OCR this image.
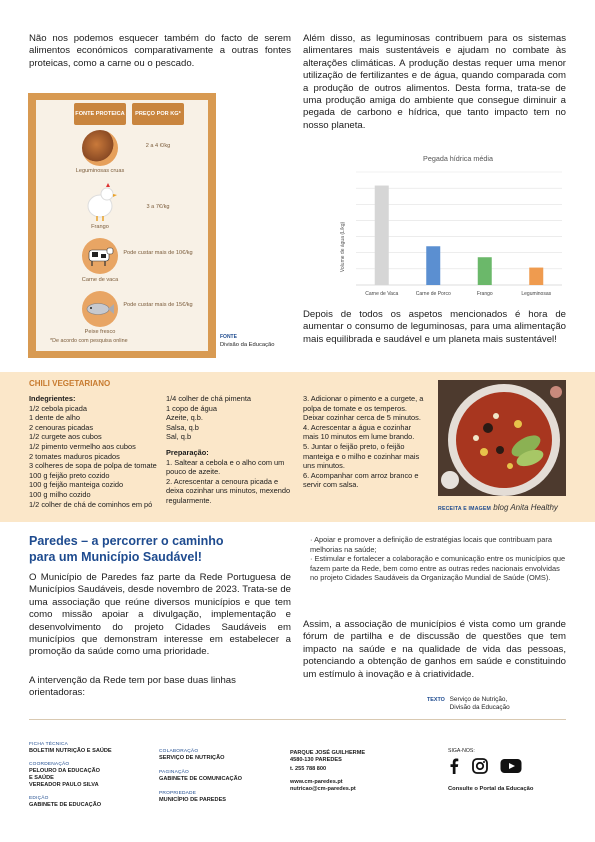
Não nos podemos esquecer também do facto de serem alimentos económicos comparativamente a outras fontes proteicas, como a carne ou o pescado.

Além disso, as leguminosas contribuem para os sistemas alimentares mais sustentáveis e ajudam no combate às alterações climáticas. A produção destas requer uma menor utilização de fertilizantes e de água, quando comparada com a produção de outros alimentos. Desta forma, trata-se de uma produção amiga do ambiente que consegue diminuir a pegada de carbono e hídrica, que tanto impacto tem no nosso planeta.

FONTE PROTEICA	PREÇO POR KG*
Leguminosas cruas
2 a 4 €/kg
Frango
3 a 7€/kg
Carne de vaca
Pode custar mais de 10€/kg
Peixe fresco
Pode custar mais de 15€/kg
*De acordo com pesquisa online
FONTE
Divisão da Educação
Pegada hídrica média
Volume de água (L/kg)
Carne de Vaca	Carne de Porco	Frango	Leguminosas

Depois de todos os aspetos mencionados é hora de aumentar o consumo de leguminosas, para uma alimentação mais equilibrada e saudável e um planeta mais sustentável!

CHILI VEGETARIANO
Indegrientes:
1/2 cebola picada
1 dente de alho
2 cenouras picadas
1/2 curgete aos cubos
1/2 pimento vermelho aos cubos
2 tomates maduros picados
3 colheres de sopa de polpa de tomate
100 g feijão preto cozido
100 g feijão manteiga cozido
100 g milho cozido
1/2 colher de chá de cominhos em pó
1/4 colher de chá pimenta
1 copo de água
Azeite, q.b.
Salsa, q.b
Sal, q.b
Preparação:
1. Saltear a cebola e o alho com um pouco de azeite.
2. Acrescentar a cenoura picada e deixa cozinhar uns minutos, mexendo regularmente.
3. Adicionar o pimento e a curgete, a polpa de tomate e os temperos. Deixar cozinhar cerca de 5 minutos.
4. Acrescentar a água e cozinhar mais 10 minutos em lume brando.
5. Juntar o feijão preto, o feijão manteiga e o milho e cozinhar mais uns minutos.
6. Acompanhar com arroz branco e servir com salsa.
RECEITA E IMAGEM blog Anita Healthy
Paredes – a percorrer o caminho
para um Município Saudável!

O Município de Paredes faz parte da Rede Portuguesa de Municípios Saudáveis, desde novembro de 2023. Trata-se de uma associação que reúne diversos municípios e que tem como missão apoiar a divulgação, implementação e desenvolvimento do projeto Cidades Saudáveis em municípios que demonstram interesse em estabelecer a promoção da saúde como uma prioridade.

A intervenção da Rede tem por base duas linhas orientadoras:

· Apoiar e promover a definição de estratégias locais que contribuam para melhorias na saúde;

· Estimular e fortalecer a colaboração e comunicação entre os municípios que fazem parte da Rede, bem como entre as outras redes nacionais envolvidas no projeto Cidades Saudáveis da Organização Mundial de Saúde (OMS).

Assim, a associação de municípios é vista como um grande fórum de partilha e de discussão de questões que tem impacto na saúde e na qualidade de vida das pessoas, potenciando a obtenção de ganhos em saúde e constituindo um estímulo à inovação e à criatividade.

$^{TEXTO}$ Serviço de Nutrição,
Divisão da Educação
FICHA TÉCNICA
BOLETIM NUTRIÇÃO E SAÚDE
COORDENAÇÃO
PELOURO DA EDUCAÇÃO
E SAÚDE
VEREADOR PAULO SILVA
EDIÇÃO
GABINETE DE EDUCAÇÃO
COLABORAÇÃO
SERVIÇO DE NUTRIÇÃO
PAGINAÇÃO
GABINETE DE COMUNICAÇÃO
PROPRIEDADE
MUNICÍPIO DE PAREDES
PARQUE JOSÉ GUILHERME
4580-130 PAREDES
t. 255 788 800
www.cm-paredes.pt
nutricao@cm-paredes.pt
SIGA-NOS:
Consulte o Portal da Educação
